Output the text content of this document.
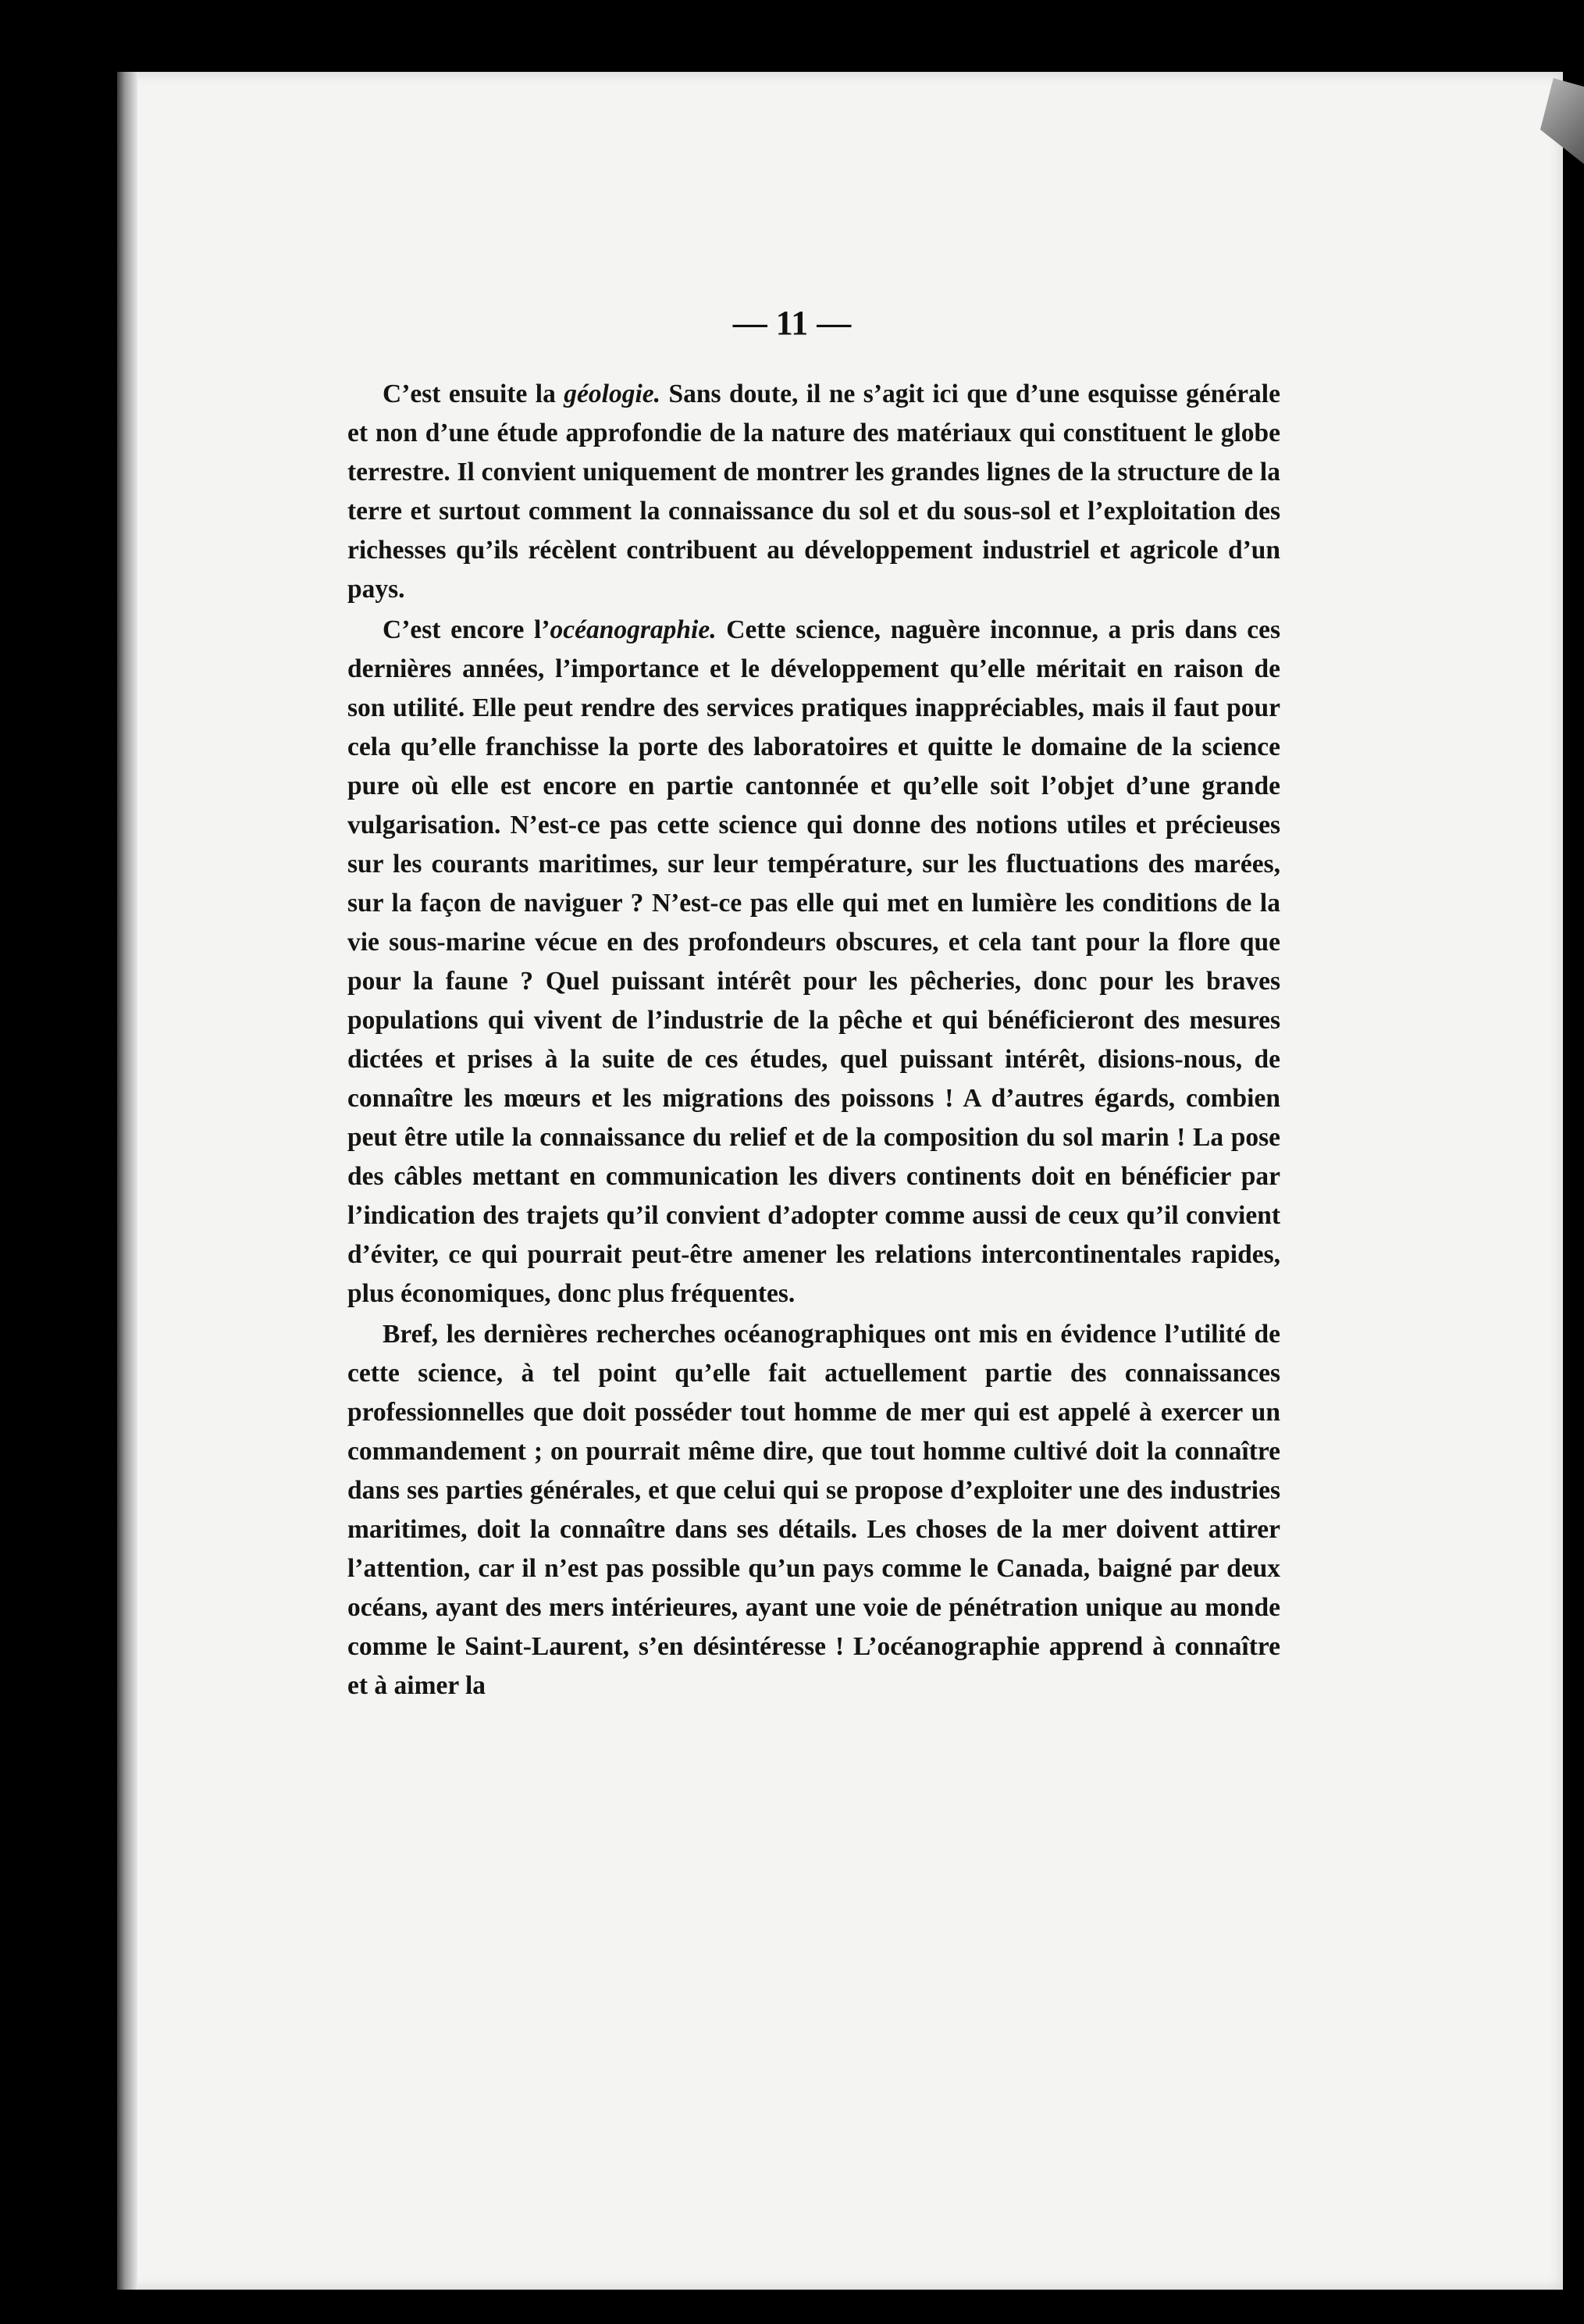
— 11 —

C’est ensuite la géologie. Sans doute, il ne s’agit ici que d’une esquisse générale et non d’une étude approfondie de la nature des matériaux qui constituent le globe terrestre. Il convient uniquement de montrer les grandes lignes de la structure de la terre et surtout comment la connaissance du sol et du sous-sol et l’exploitation des richesses qu’ils récèlent contribuent au développement industriel et agricole d’un pays.

C’est encore l’océanographie. Cette science, naguère inconnue, a pris dans ces dernières années, l’importance et le développement qu’elle méritait en raison de son utilité. Elle peut rendre des services pratiques inappréciables, mais il faut pour cela qu’elle franchisse la porte des laboratoires et quitte le domaine de la science pure où elle est encore en partie cantonnée et qu’elle soit l’objet d’une grande vulgarisation. N’est-ce pas cette science qui donne des notions utiles et précieuses sur les courants maritimes, sur leur température, sur les fluctuations des marées, sur la façon de naviguer ? N’est-ce pas elle qui met en lumière les conditions de la vie sous-marine vécue en des profondeurs obscures, et cela tant pour la flore que pour la faune ? Quel puissant intérêt pour les pêcheries, donc pour les braves populations qui vivent de l’industrie de la pêche et qui bénéficieront des mesures dictées et prises à la suite de ces études, quel puissant intérêt, disions-nous, de connaître les mœurs et les migrations des poissons ! A d’autres égards, combien peut être utile la connaissance du relief et de la composition du sol marin ! La pose des câbles mettant en communication les divers continents doit en bénéficier par l’indication des trajets qu’il convient d’adopter comme aussi de ceux qu’il convient d’éviter, ce qui pourrait peut-être amener les relations intercontinentales rapides, plus économiques, donc plus fréquentes.

Bref, les dernières recherches océanographiques ont mis en évidence l’utilité de cette science, à tel point qu’elle fait actuellement partie des connaissances professionnelles que doit posséder tout homme de mer qui est appelé à exercer un commandement ; on pourrait même dire, que tout homme cultivé doit la connaître dans ses parties générales, et que celui qui se propose d’exploiter une des industries maritimes, doit la connaître dans ses détails. Les choses de la mer doivent attirer l’attention, car il n’est pas possible qu’un pays comme le Canada, baigné par deux océans, ayant des mers intérieures, ayant une voie de pénétration unique au monde comme le Saint-Laurent, s’en désintéresse ! L’océanographie apprend à connaître et à aimer la
